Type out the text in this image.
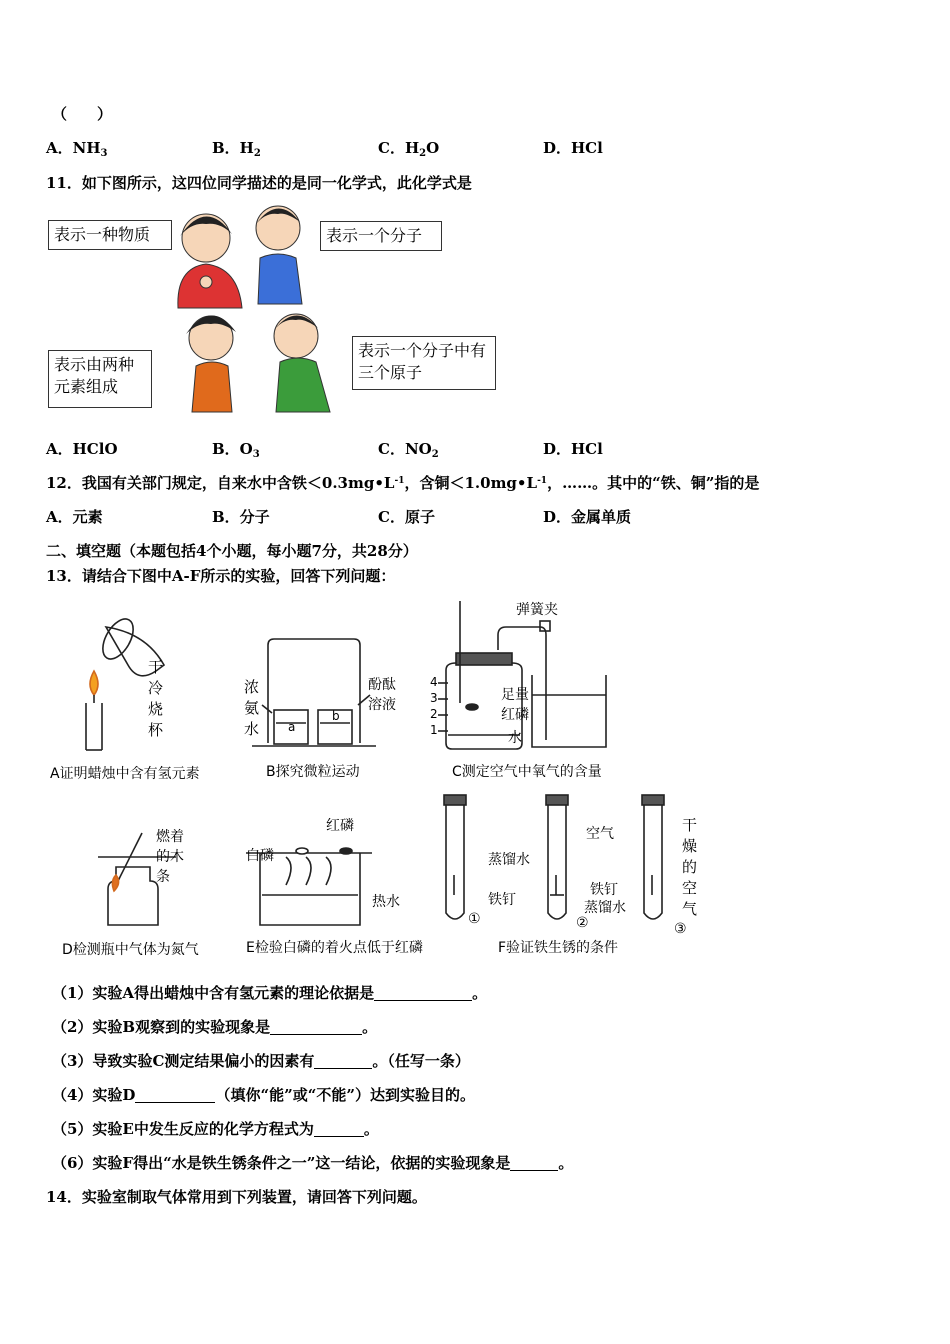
（　　）
A．$NH_3$	B．$H_2$	C．$H_2O$	D．HCl
11．如下图所示，这四位同学描述的是同一化学式，此化学式是
表示一种物质	表示一个分子
表示由两种元素组成
表示一个分子中有三个原子
A．HClO	B．$O_3$	C．$NO_2$	D．HCl
12．我国有关部门规定，自来水中含铁$<0.3mg•L^{-1}$，含铜$<1.0mg•L^{-1}$，……。其中的“铁、铜”指的是
A．元素	B．分子	C．原子	D．金属单质
二、填空题（本题包括4个小题，每小题7分，共28分）
13．请结合下图中A-F所示的实验，回答下列问题：
干冷烧杯
浓氨水
酚酞溶液
a
b
弹簧夹
足量红磷
水
4
3
2
1
燃着的木条
白磷
红磷
热水
蒸馏水
铁钉
空气
铁钉
蒸馏水
干燥的空气
①	②	③
A证明蜡烛中含有氢元素	B探究微粒运动	C测定空气中氧气的含量
D检测瓶中气体为氮气	E检验白磷的着火点低于红磷	F验证铁生锈的条件
（1）实验A得出蜡烛中含有氢元素的理论依据是	。
（2）实验B观察到的实验现象是	。
（3）导致实验C测定结果偏小的因素有	。（任写一条）
（4）实验D	（填你“能”或“不能”）达到实验目的。
（5）实验E中发生反应的化学方程式为	。
（6）实验F得出“水是铁生锈条件之一”这一结论，依据的实验现象是	。
14．实验室制取气体常用到下列装置，请回答下列问题。
